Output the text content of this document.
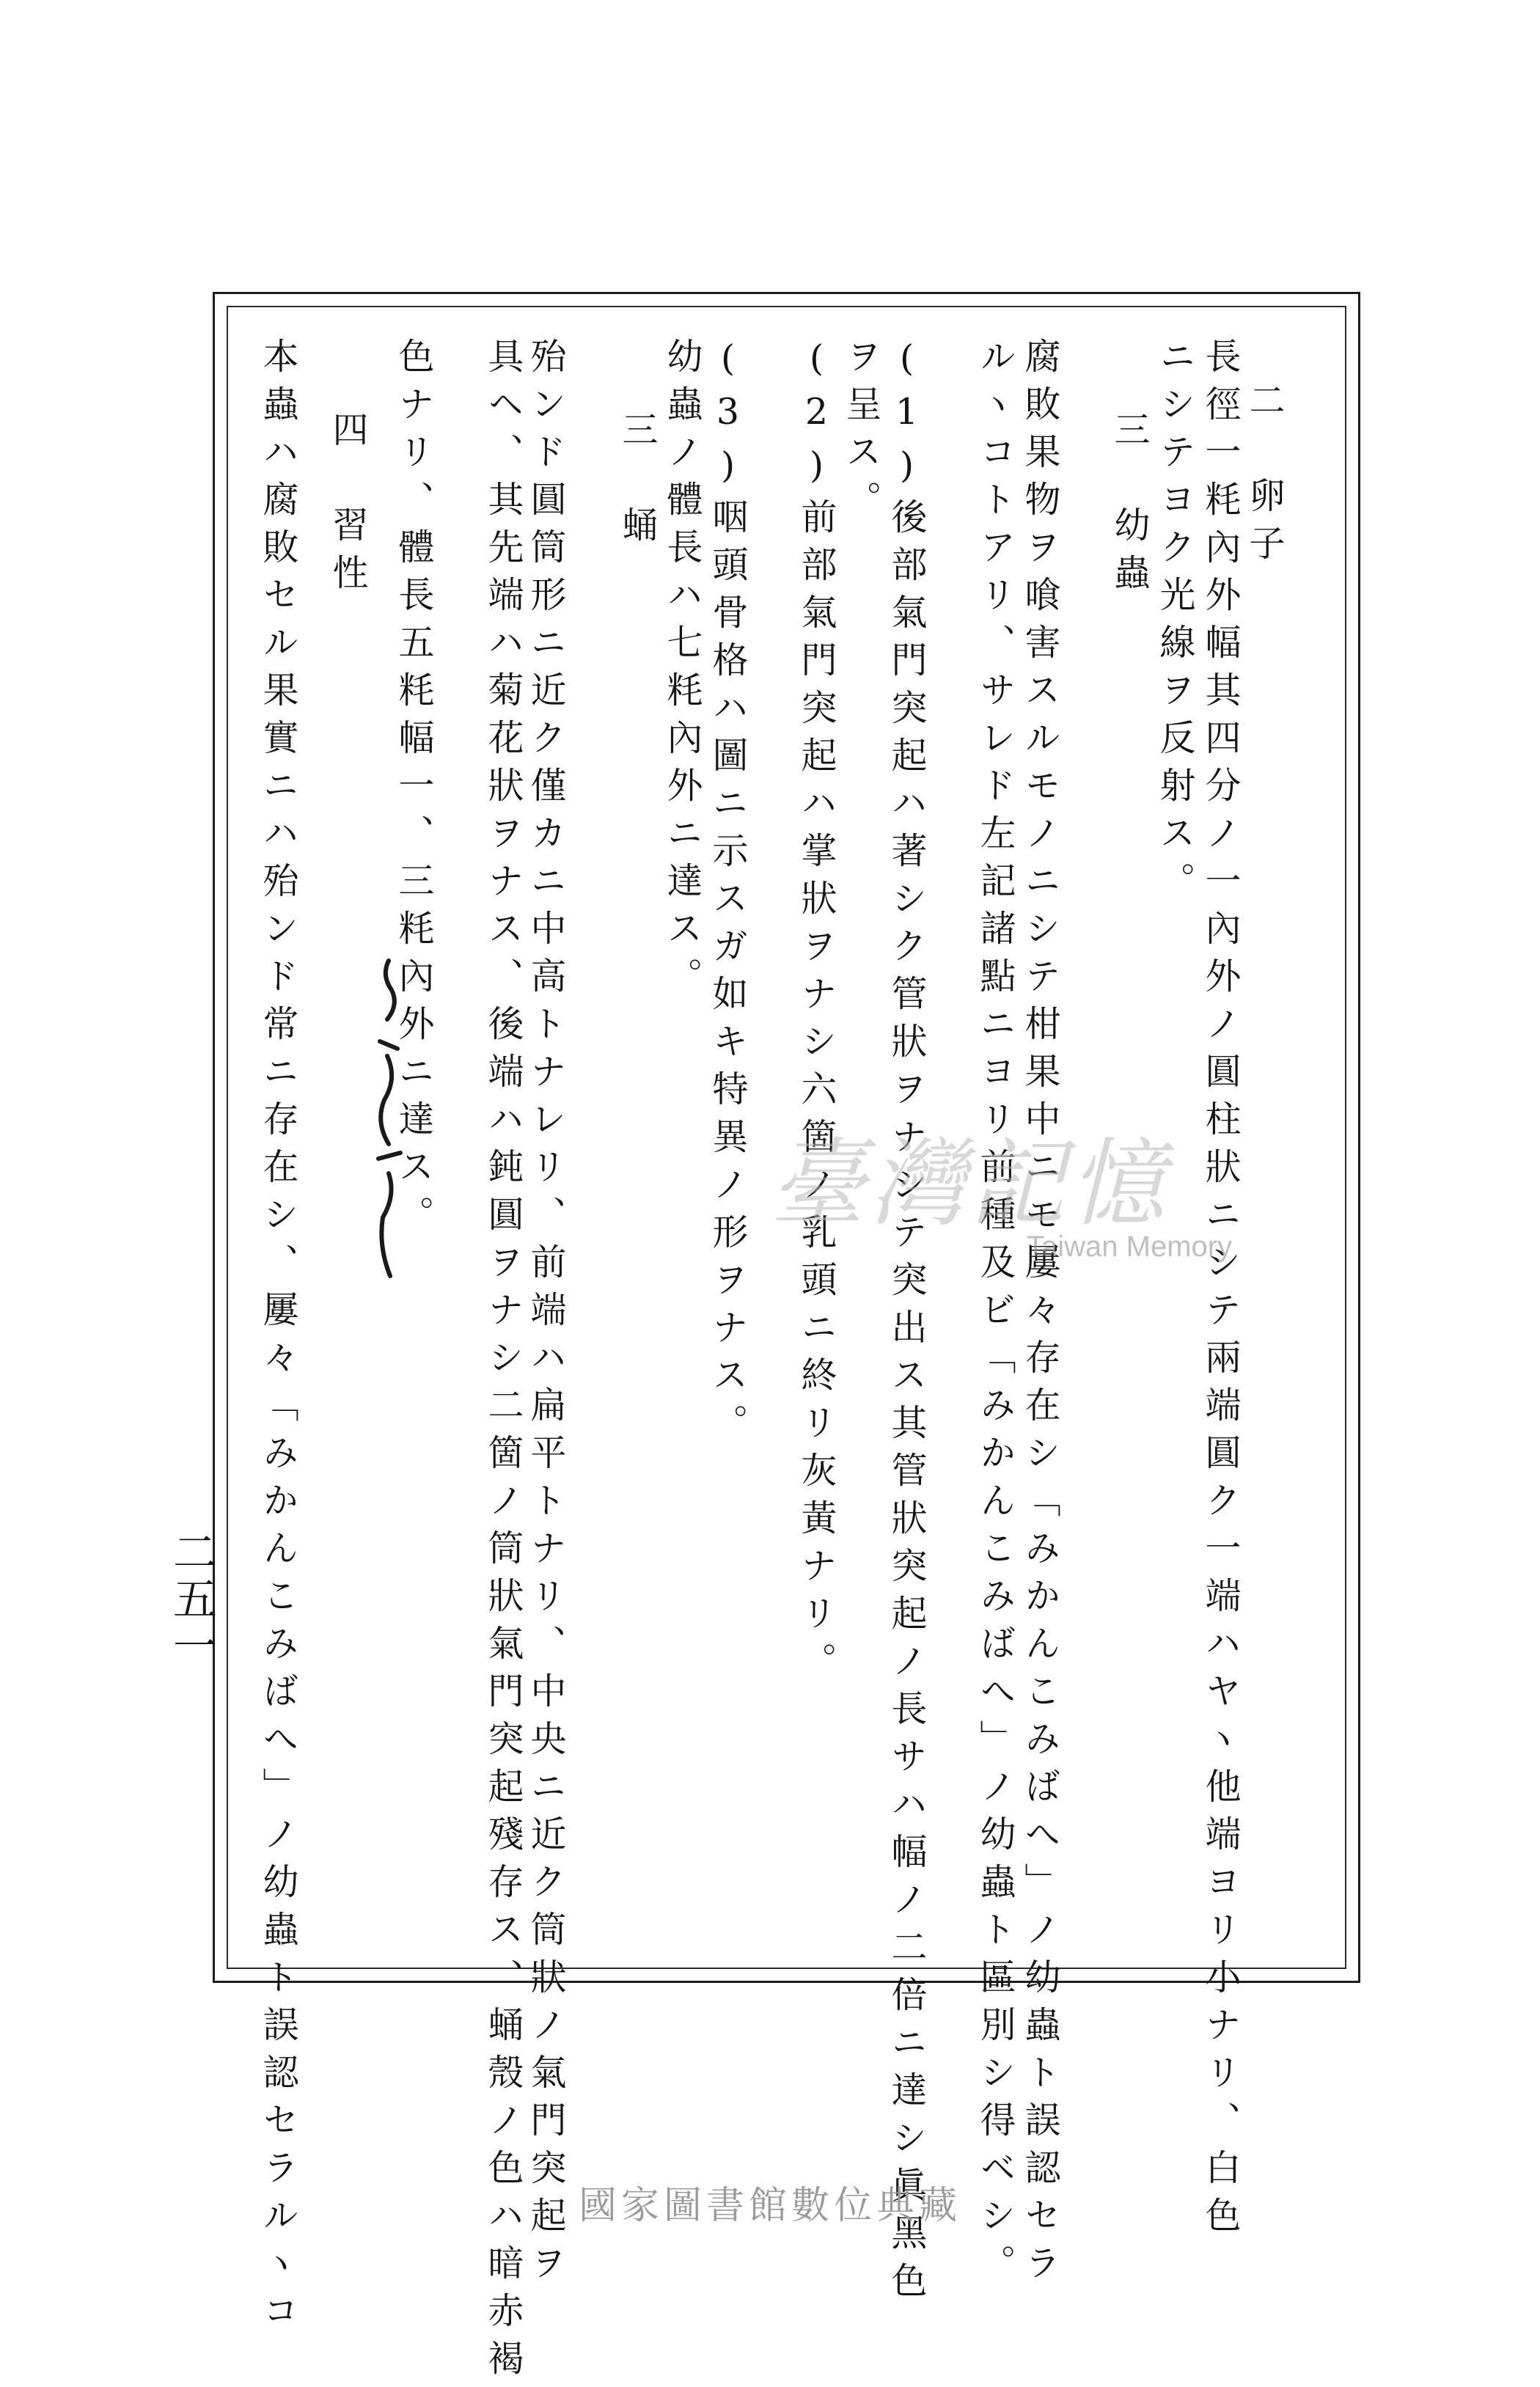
二　卵子
長徑一粍內外幅其四分ノ一內外ノ圓柱狀ニシテ兩端圓ク一端ハヤヽ他端ヨリ小ナリ、白色
ニシテヨク光線ヲ反射ス。
三　幼蟲
腐敗果物ヲ喰害スルモノニシテ柑果中ニモ屢々存在シ「みかんこみばへ」ノ幼蟲ト誤認セラ
ルヽコトアリ、サレド左記諸點ニヨリ前種及ビ「みかんこみばへ」ノ幼蟲ト區別シ得ベシ。
(1)後部氣門突起ハ著シク管狀ヲナシテ突出ス其管狀突起ノ長サハ幅ノ二倍ニ達シ眞黑色
ヲ呈ス。
(2)前部氣門突起ハ掌狀ヲナシ六箇ノ乳頭ニ終リ灰黃ナリ。
(3)咽頭骨格ハ圖ニ示スガ如キ特異ノ形ヲナス。
幼蟲ノ體長ハ七粍內外ニ達ス。
三　蛹
殆ンド圓筒形ニ近ク僅カニ中高トナレリ、前端ハ扁平トナリ、中央ニ近ク筒狀ノ氣門突起ヲ
具ヘ、其先端ハ菊花狀ヲナス、後端ハ鈍圓ヲナシ二箇ノ筒狀氣門突起殘存ス、蛹殼ノ色ハ暗赤褐
色ナリ、體長五粍幅一、三粍內外ニ達ス。
四　習性
本蟲ハ腐敗セル果實ニハ殆ンド常ニ存在シ、屢々「みかんこみばへ」ノ幼蟲ト誤認セラルヽコ	臺灣記憶
Taiwan Memory
二五一
國家圖書館數位典藏
